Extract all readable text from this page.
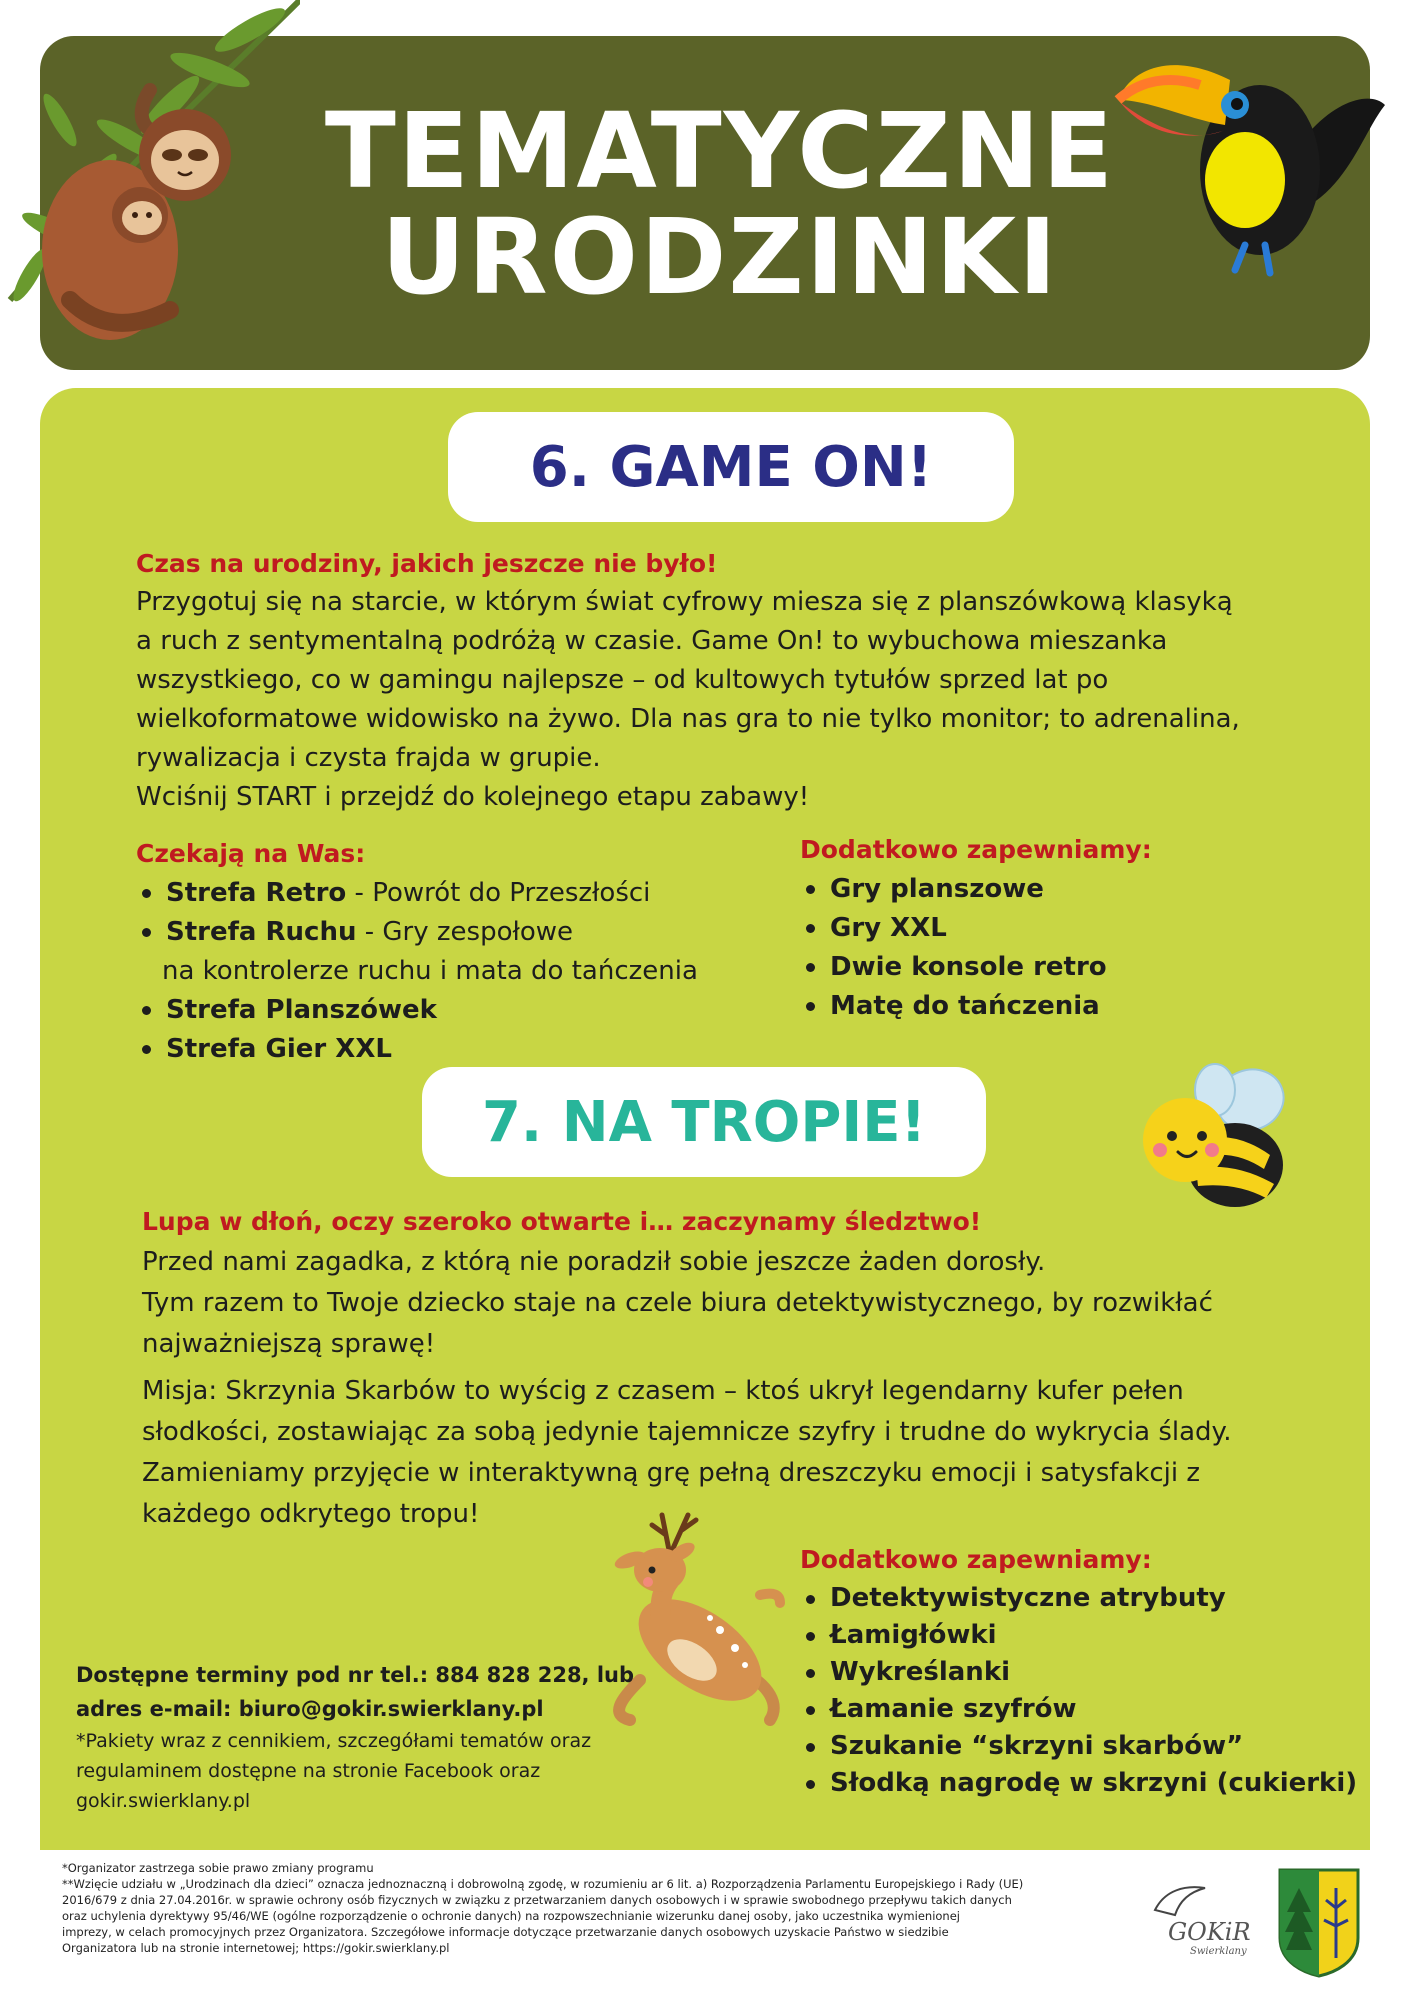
TEMATYCZNE
URODZINKI
6. GAME ON!
Czas na urodziny, jakich jeszcze nie było!
Przygotuj się na starcie, w którym świat cyfrowy miesza się z planszówkową klasyką
a ruch z sentymentalną podróżą w czasie. Game On! to wybuchowa mieszanka
wszystkiego, co w gamingu najlepsze – od kultowych tytułów sprzed lat po
wielkoformatowe widowisko na żywo. Dla nas gra to nie tylko monitor; to adrenalina,
rywalizacja i czysta frajda w grupie.
Wciśnij START i przejdź do kolejnego etapu zabawy!
Czekają na Was:
Strefa Retro - Powrót do Przeszłości
Strefa Ruchu - Gry zespołowe
na kontrolerze ruchu i mata do tańczenia
Strefa Planszówek
Strefa Gier XXL
Dodatkowo zapewniamy:
Gry planszowe
Gry XXL
Dwie konsole retro
Matę do tańczenia
7. NA TROPIE!
Lupa w dłoń, oczy szeroko otwarte i… zaczynamy śledztwo!
Przed nami zagadka, z którą nie poradził sobie jeszcze żaden dorosły.
Tym razem to Twoje dziecko staje na czele biura detektywistycznego, by rozwikłać
najważniejszą sprawę!
Misja: Skrzynia Skarbów to wyścig z czasem – ktoś ukrył legendarny kufer pełen
słodkości, zostawiając za sobą jedynie tajemnicze szyfry i trudne do wykrycia ślady.
Zamieniamy przyjęcie w interaktywną grę pełną dreszczyku emocji i satysfakcji z
każdego odkrytego tropu!
Dodatkowo zapewniamy:
Detektywistyczne atrybuty
Łamigłówki
Wykreślanki
Łamanie szyfrów
Szukanie “skrzyni skarbów”
Słodką nagrodę w skrzyni (cukierki)
Dostępne terminy pod nr tel.: 884 828 228, lub
adres e-mail: biuro@gokir.swierklany.pl
*Pakiety wraz z cennikiem, szczegółami tematów oraz
regulaminem dostępne na stronie Facebook oraz
gokir.swierklany.pl
*Organizator zastrzega sobie prawo zmiany programu
**Wzięcie udziału w „Urodzinach dla dzieci” oznacza jednoznaczną i dobrowolną zgodę, w rozumieniu ar 6 lit. a) Rozporządzenia Parlamentu Europejskiego i Rady (UE)
2016/679 z dnia 27.04.2016r. w sprawie ochrony osób fizycznych w związku z przetwarzaniem danych osobowych i w sprawie swobodnego przepływu takich danych
oraz uchylenia dyrektywy 95/46/WE (ogólne rozporządzenie o ochronie danych) na rozpowszechnianie wizerunku danej osoby, jako uczestnika wymienionej
imprezy, w celach promocyjnych przez Organizatora. Szczegółowe informacje dotyczące przetwarzanie danych osobowych uzyskacie Państwo w siedzibie
Organizatora lub na stronie internetowej; https://gokir.swierklany.pl
GOKiR
Swierklany
